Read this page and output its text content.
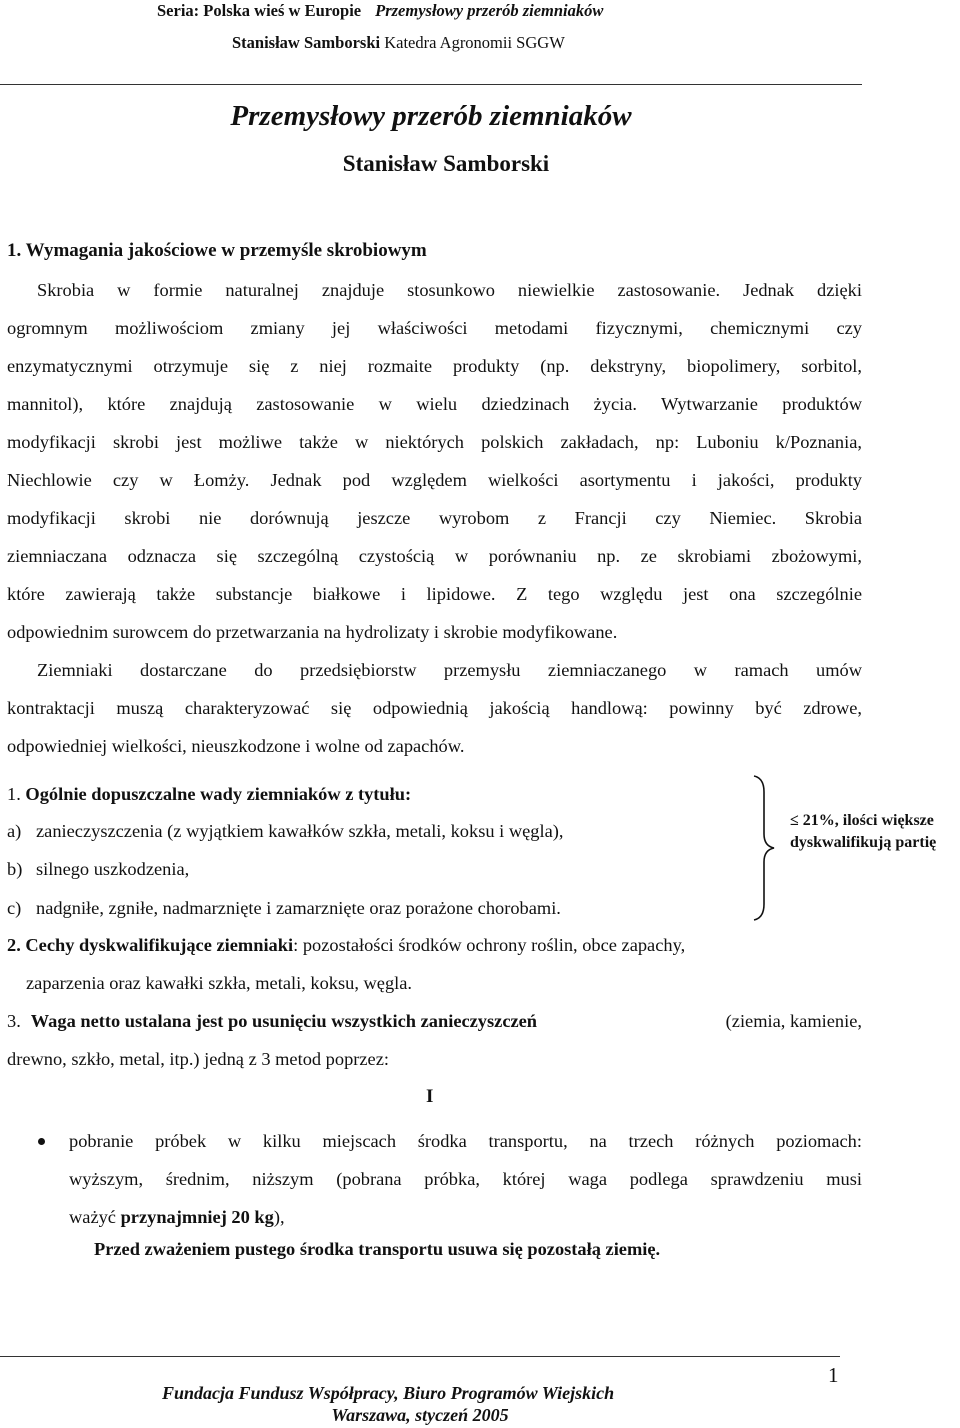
Seria: Polska wieś w Europie Przemysłowy przerób ziemniaków
Stanisław Samborski Katedra Agronomii SGGW
Przemysłowy przerób ziemniaków
Stanisław Samborski
1. Wymagania jakościowe w przemyśle skrobiowym
Skrobia w formie naturalnej znajduje stosunkowo niewielkie zastosowanie. Jednak dzięki
ogromnym możliwościom zmiany jej właściwości metodami fizycznymi, chemicznymi czy
enzymatycznymi otrzymuje się z niej rozmaite produkty (np. dekstryny, biopolimery, sorbitol,
mannitol), które znajdują zastosowanie w wielu dziedzinach życia. Wytwarzanie produktów
modyfikacji skrobi jest możliwe także w niektórych polskich zakładach, np: Luboniu k/Poznania,
Niechlowie czy w Łomży. Jednak pod względem wielkości asortymentu i jakości, produkty
modyfikacji skrobi nie dorównują jeszcze wyrobom z Francji czy Niemiec. Skrobia
ziemniaczana odznacza się szczególną czystością w porównaniu np. ze skrobiami zbożowymi,
które zawierają także substancje białkowe i lipidowe. Z tego względu jest ona szczególnie
odpowiednim surowcem do przetwarzania na hydrolizaty i skrobie modyfikowane.
Ziemniaki dostarczane do przedsiębiorstw przemysłu ziemniaczanego w ramach umów
kontraktacji muszą charakteryzować się odpowiednią jakością handlową: powinny być zdrowe,
odpowiedniej wielkości, nieuszkodzone i wolne od zapachów.
1. Ogólnie dopuszczalne wady ziemniaków z tytułu:
a) zanieczyszczenia (z wyjątkiem kawałków szkła, metali, koksu i węgla),
b) silnego uszkodzenia,
c) nadgniłe, zgniłe, nadmarznięte i zamarznięte oraz porażone chorobami.
≤ 21%, ilości większe
dyskwalifikują partię
2. Cechy dyskwalifikujące ziemniaki: pozostałości środków ochrony roślin, obce zapachy,
zaparzenia oraz kawałki szkła, metali, koksu, węgla.
3. Waga netto ustalana jest po usunięciu wszystkich zanieczyszczeń	(ziemia, kamienie,
drewno, szkło, metal, itp.) jedną z 3 metod poprzez:
I
pobranie próbek w kilku miejscach środka transportu, na trzech różnych poziomach:
wyższym, średnim, niższym (pobrana próbka, której waga podlega sprawdzeniu musi
ważyć przynajmniej 20 kg),
Przed zważeniem pustego środka transportu usuwa się pozostałą ziemię.
1
Fundacja Fundusz Współpracy, Biuro Programów Wiejskich
Warszawa, styczeń 2005
